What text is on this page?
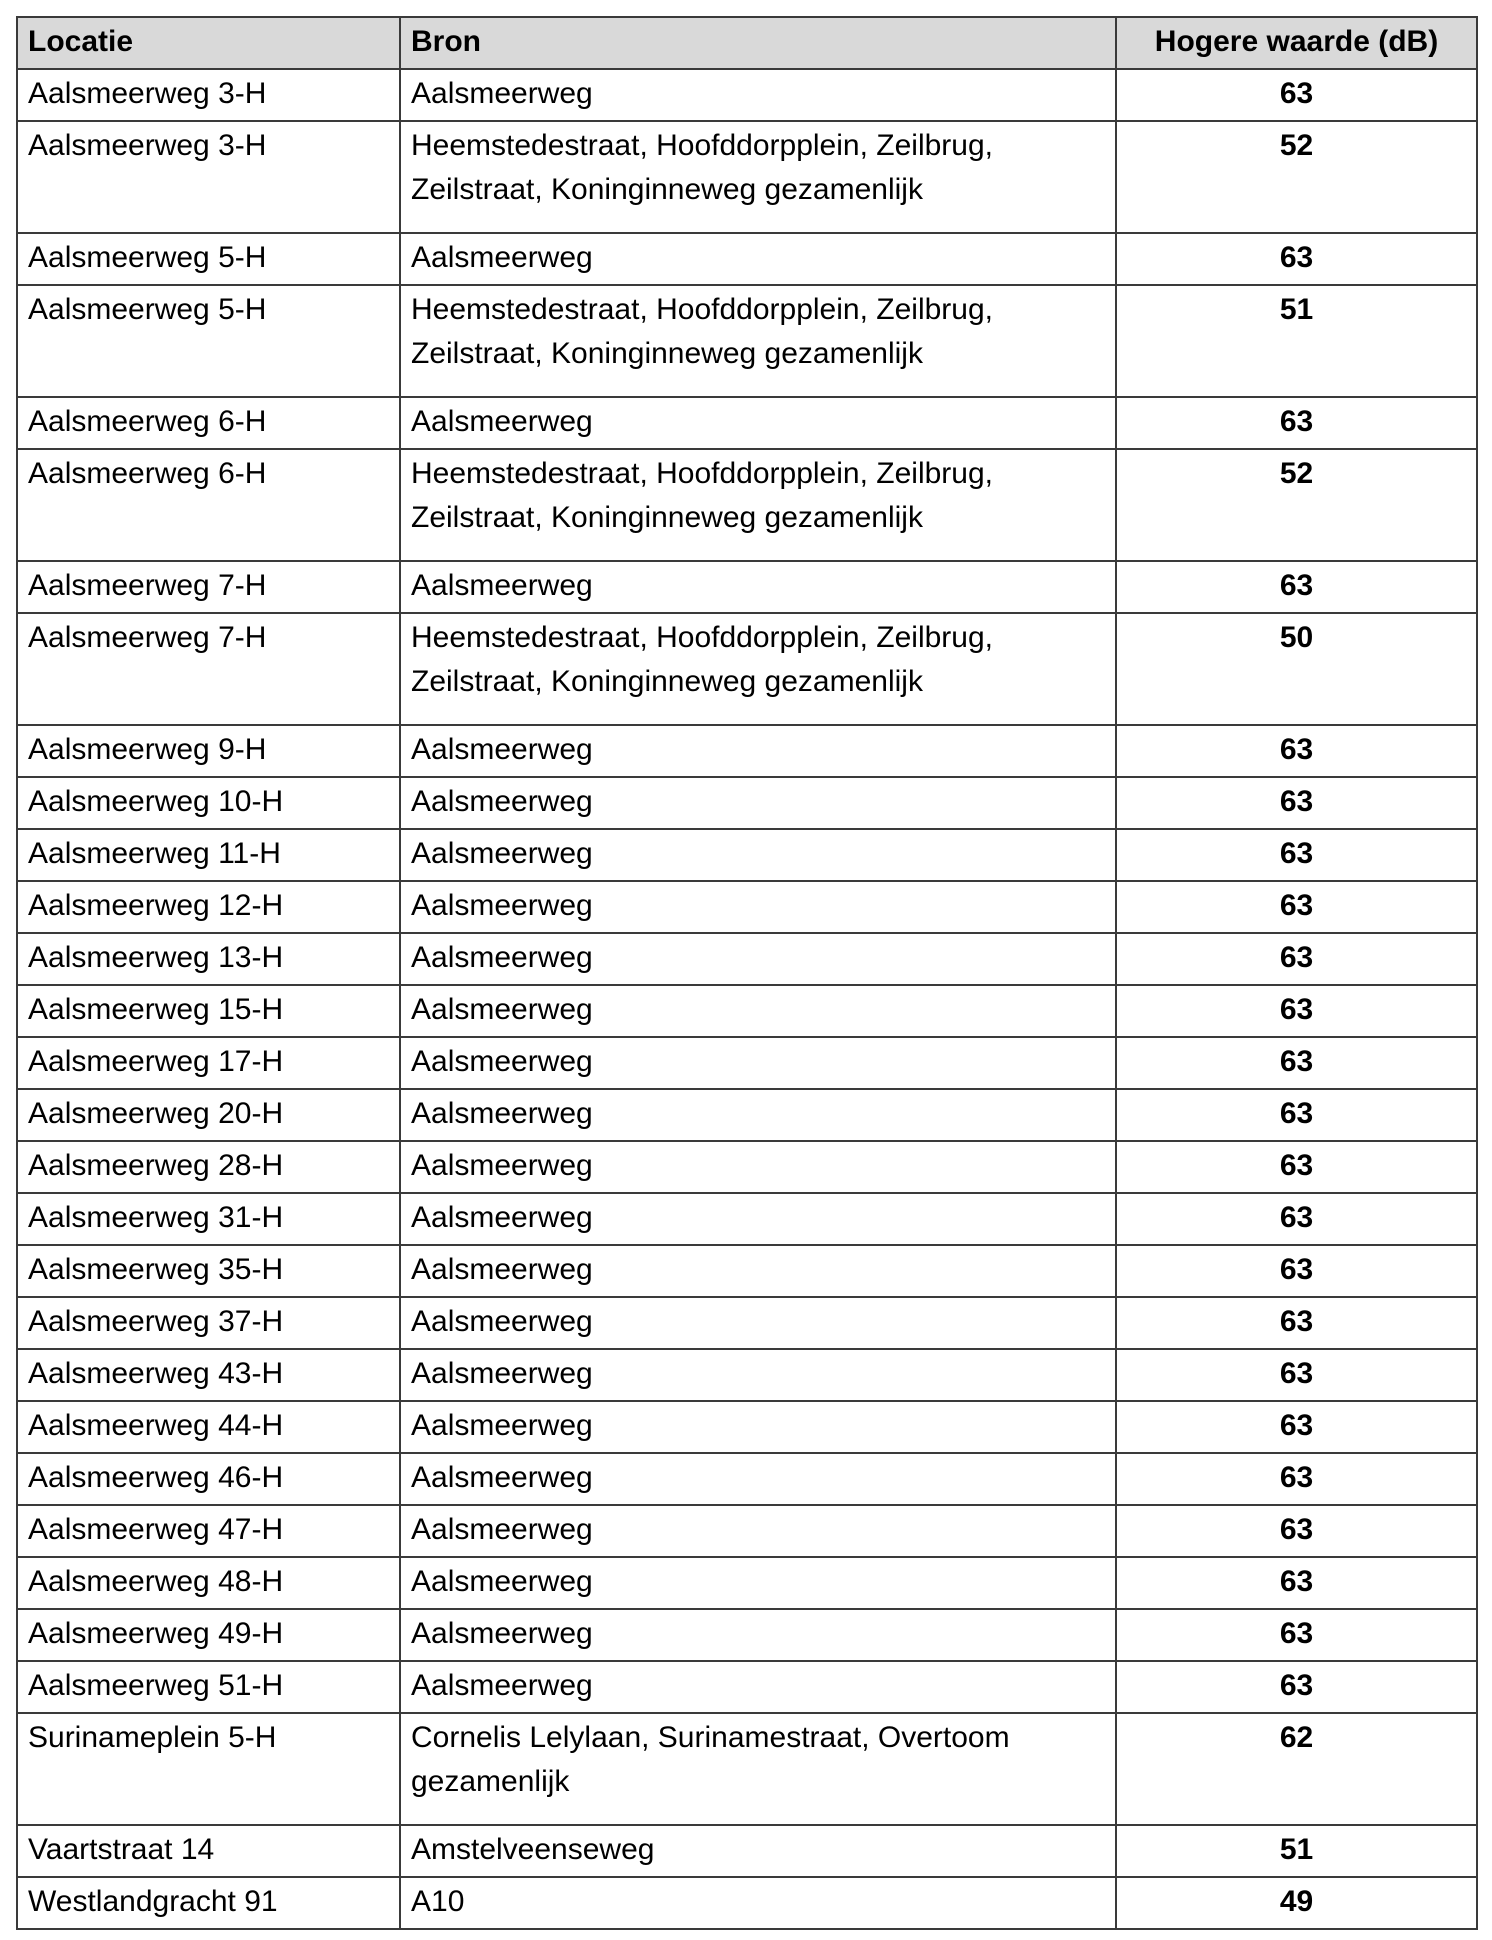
Locatie	Bron	Hogere waarde (dB)
Aalsmeerweg 3-H	Aalsmeerweg	63
Aalsmeerweg 3-H	Heemstedestraat, Hoofddorpplein, Zeilbrug, Zeilstraat, Koninginneweg gezamenlijk	52
Aalsmeerweg 5-H	Aalsmeerweg	63
Aalsmeerweg 5-H	Heemstedestraat, Hoofddorpplein, Zeilbrug, Zeilstraat, Koninginneweg gezamenlijk	51
Aalsmeerweg 6-H	Aalsmeerweg	63
Aalsmeerweg 6-H	Heemstedestraat, Hoofddorpplein, Zeilbrug, Zeilstraat, Koninginneweg gezamenlijk	52
Aalsmeerweg 7-H	Aalsmeerweg	63
Aalsmeerweg 7-H	Heemstedestraat, Hoofddorpplein, Zeilbrug, Zeilstraat, Koninginneweg gezamenlijk	50
Aalsmeerweg 9-H	Aalsmeerweg	63
Aalsmeerweg 10-H	Aalsmeerweg	63
Aalsmeerweg 11-H	Aalsmeerweg	63
Aalsmeerweg 12-H	Aalsmeerweg	63
Aalsmeerweg 13-H	Aalsmeerweg	63
Aalsmeerweg 15-H	Aalsmeerweg	63
Aalsmeerweg 17-H	Aalsmeerweg	63
Aalsmeerweg 20-H	Aalsmeerweg	63
Aalsmeerweg 28-H	Aalsmeerweg	63
Aalsmeerweg 31-H	Aalsmeerweg	63
Aalsmeerweg 35-H	Aalsmeerweg	63
Aalsmeerweg 37-H	Aalsmeerweg	63
Aalsmeerweg 43-H	Aalsmeerweg	63
Aalsmeerweg 44-H	Aalsmeerweg	63
Aalsmeerweg 46-H	Aalsmeerweg	63
Aalsmeerweg 47-H	Aalsmeerweg	63
Aalsmeerweg 48-H	Aalsmeerweg	63
Aalsmeerweg 49-H	Aalsmeerweg	63
Aalsmeerweg 51-H	Aalsmeerweg	63
Surinameplein 5-H	Cornelis Lelylaan, Surinamestraat, Overtoom gezamenlijk	62
Vaartstraat 14	Amstelveenseweg	51
Westlandgracht 91	A10	49
